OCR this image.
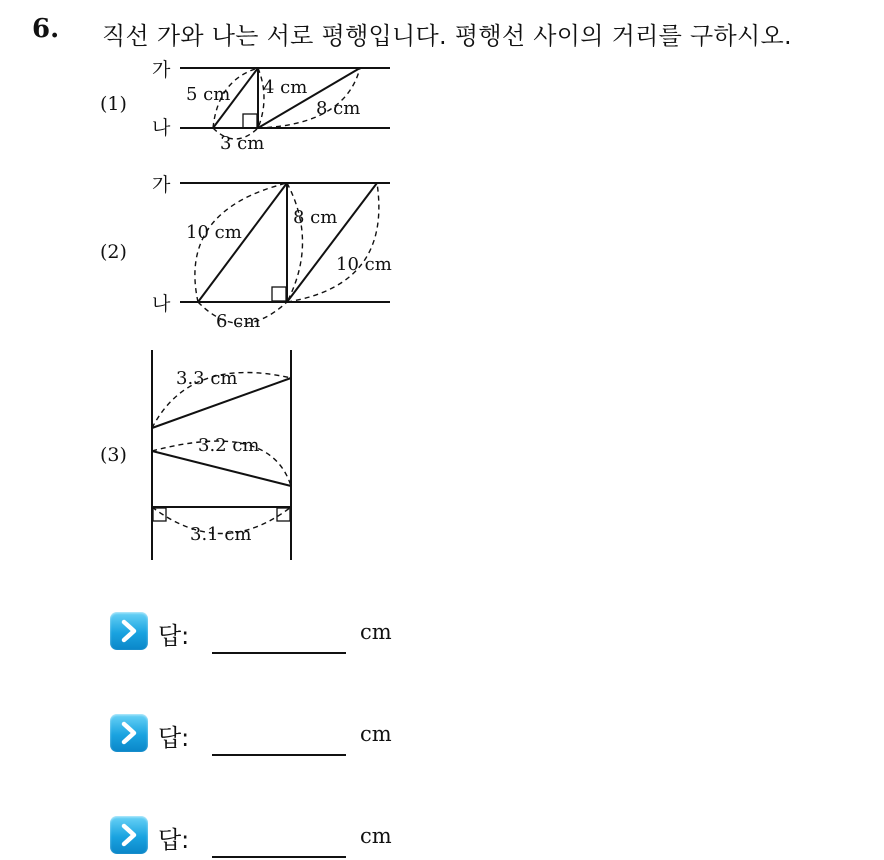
6. 직선 가와 나는 서로 평행입니다. 평행선 사이의 거리를 구하시오.
(1)
가
나
5 cm 4 cm
8 cm
3 cm
(2)
가
나
10 cm
8 cm
10 cm
6 cm
(3)
3.3 cm
3.2 cm
3.1 cm
답:	cm
답:	cm
답:	cm
